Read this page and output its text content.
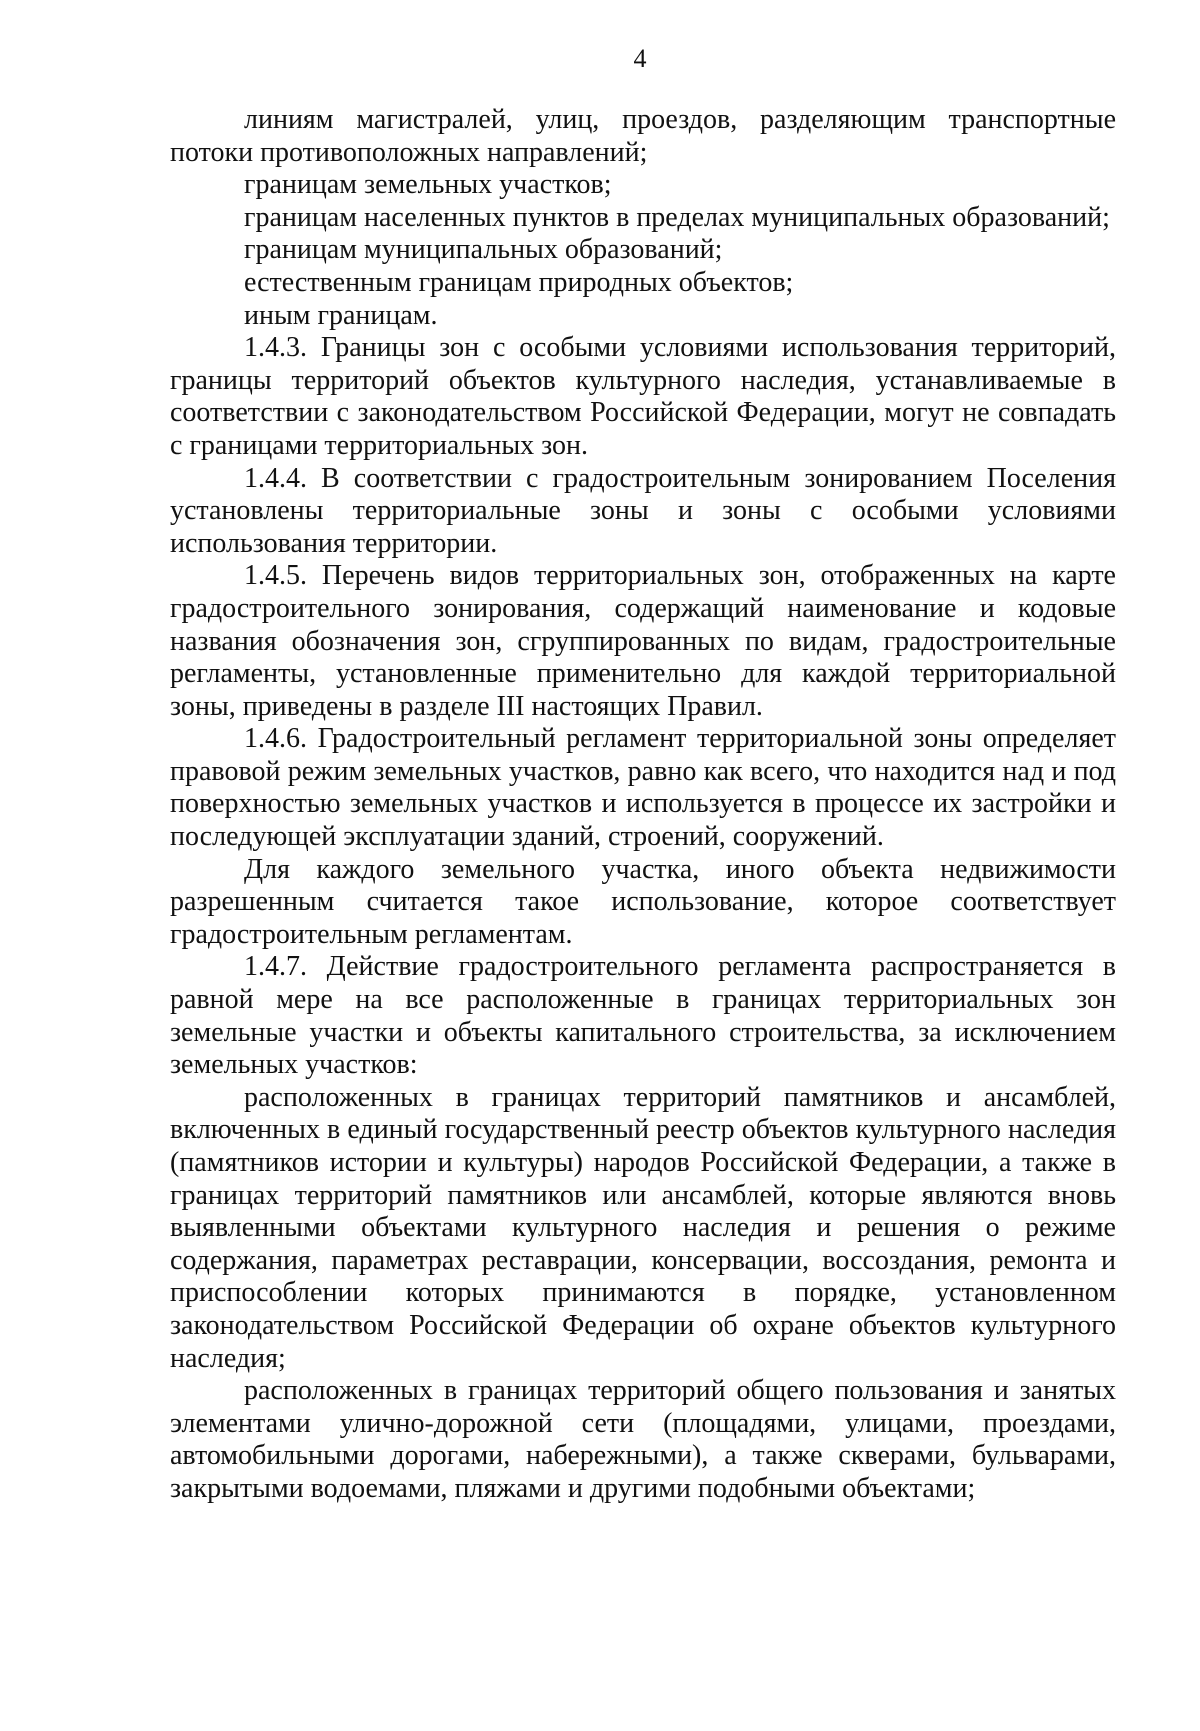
4

линиям магистралей, улиц, проездов, разделяющим транспортные потоки противоположных направлений;

границам земельных участков;

границам населенных пунктов в пределах муниципальных образований;

границам муниципальных образований;

естественным границам природных объектов;

иным границам.

1.4.3. Границы зон с особыми условиями использования территорий, границы территорий объектов культурного наследия, устанавливаемые в соответствии с законодательством Российской Федерации, могут не совпадать с границами территориальных зон.

1.4.4. В соответствии с градостроительным зонированием Поселения установлены территориальные зоны и зоны с особыми условиями использования территории.

1.4.5. Перечень видов территориальных зон, отображенных на карте градостроительного зонирования, содержащий наименование и кодовые названия обозначения зон, сгруппированных по видам, градостроительные регламенты, установленные применительно для каждой территориальной зоны, приведены в разделе III настоящих Правил.

1.4.6. Градостроительный регламент территориальной зоны определяет правовой режим земельных участков, равно как всего, что находится над и под поверхностью земельных участков и используется в процессе их застройки и последующей эксплуатации зданий, строений, сооружений.

Для каждого земельного участка, иного объекта недвижимости разрешенным считается такое использование, которое соответствует градостроительным регламентам.

1.4.7. Действие градостроительного регламента распространяется в равной мере на все расположенные в границах территориальных зон земельные участки и объекты капитального строительства, за исключением земельных участков:

расположенных в границах территорий памятников и ансамблей, включенных в единый государственный реестр объектов культурного наследия (памятников истории и культуры) народов Российской Федерации, а также в границах территорий памятников или ансамблей, которые являются вновь выявленными объектами культурного наследия и решения о режиме содержания, параметрах реставрации, консервации, воссоздания, ремонта и приспособлении которых принимаются в порядке, установленном законодательством Российской Федерации об охране объектов культурного наследия;

расположенных в границах территорий общего пользования и занятых элементами улично-дорожной сети (площадями, улицами, проездами, автомобильными дорогами, набережными), а также скверами, бульварами, закрытыми водоемами, пляжами и другими подобными объектами;
